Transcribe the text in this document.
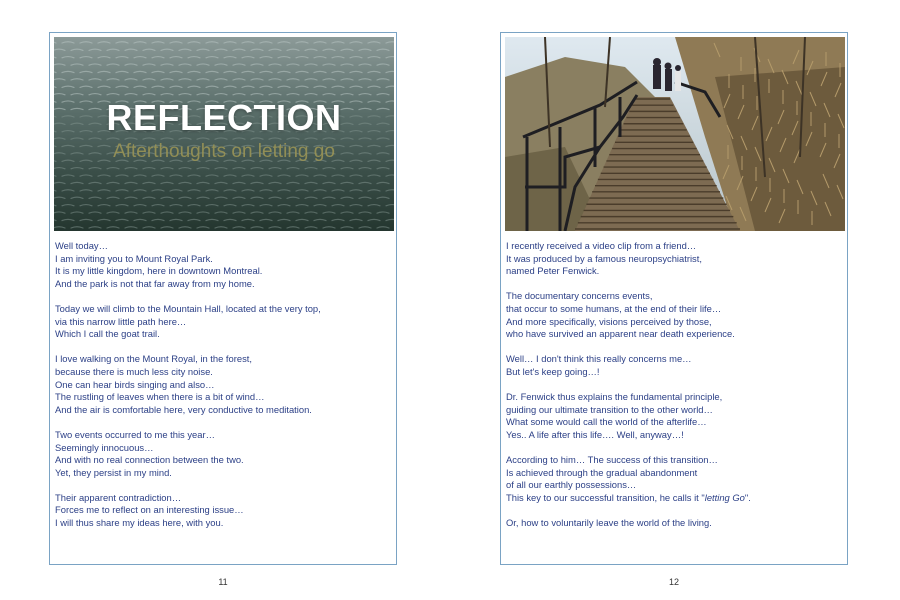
REFLECTION
Afterthoughts on letting go
Well today…
I am inviting you to Mount Royal Park.
It is my little kingdom, here in downtown Montreal.
And the park is not that far away from my home.
Today we will climb to the Mountain Hall, located at the very top,
via this narrow little path here…
Which I call the goat trail.
I love walking on the Mount Royal, in the forest,
because there is much less city noise.
One can hear birds singing and also…
The rustling of leaves when there is a bit of wind…
And the air is comfortable here, very conductive to meditation.
Two events occurred to me this year…
Seemingly innocuous…
And with no real connection between the two.
Yet, they persist in my mind.
Their apparent contradiction…
Forces me to reflect on an interesting issue…
I will thus share my ideas here, with you.
I recently received a video clip from a friend…
It was produced by a famous neuropsychiatrist,
named Peter Fenwick.
The documentary concerns events,
that occur to some humans, at the end of their life…
And more specifically, visions perceived by those,
who have survived an apparent near death experience.
Well… I don't think this really concerns me…
But let's keep going…!
Dr. Fenwick thus explains the fundamental principle,
guiding our ultimate transition to the other world…
What some would call the world of the afterlife…
Yes.. A life after this life…. Well, anyway…!
According to him… The success of this transition…
Is achieved through the gradual abandonment
of all our earthly possessions…
This key to our successful transition, he calls it "letting Go".
Or, how to voluntarily leave the world of the living.
11	12
